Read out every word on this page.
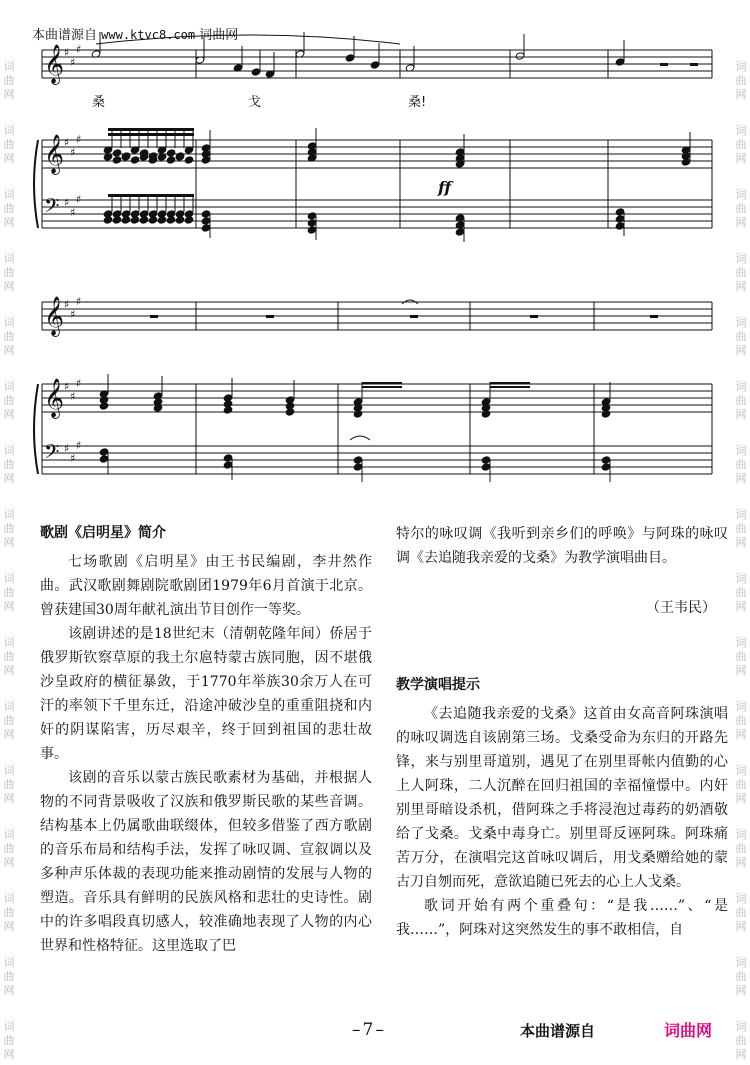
词
曲
网
词
曲
网
词
曲
网
词
曲
网
词
曲
网
词
曲
网
词
曲
网
词
曲
网
词
曲
网
词
曲
网
词
曲
网
词
曲
网
词
曲
网
词
曲
网
词
曲
网
词
曲
网
词
曲
网
词
曲
网
词
曲
网
词
曲
网
词
曲
网
词
曲
网
词
曲
网
词
曲
网
词
曲
网
词
曲
网
词
曲
网
词
曲
网
词
曲
网
词
曲
网
词
曲
网
词
曲
网
本曲谱源自 www.ktvc8.com 词曲网
𝄞 ♯
♯
♯
𝄞 ♯
♯
♯
𝄢 ♯
♯
♯
ff
𝄞 ♯
♯
♯
𝄞 ♯
♯
♯
𝄢 ♯
♯
♯
桑	戈	桑!
歌剧《启明星》简介

七场歌剧《启明星》由王书民编剧，李井然作曲。武汉歌剧舞剧院歌剧团1979年6月首演于北京。曾获建国30周年献礼演出节目创作一等奖。

该剧讲述的是18世纪末（清朝乾隆年间）侨居于俄罗斯钦察草原的我土尔扈特蒙古族同胞，因不堪俄沙皇政府的横征暴敛，于1770年举族30余万人在可汗的率领下千里东迁，沿途冲破沙皇的重重阻挠和内奸的阴谋陷害，历尽艰辛，终于回到祖国的悲壮故事。

该剧的音乐以蒙古族民歌素材为基础，并根据人物的不同背景吸收了汉族和俄罗斯民歌的某些音调。结构基本上仍属歌曲联缀体，但较多借鉴了西方歌剧的音乐布局和结构手法，发挥了咏叹调、宣叙调以及多种声乐体裁的表现功能来推动剧情的发展与人物的塑造。音乐具有鲜明的民族风格和悲壮的史诗性。剧中的许多唱段真切感人，较准确地表现了人物的内心世界和性格特征。这里选取了巴

特尔的咏叹调《我听到亲乡们的呼唤》与阿珠的咏叹调《去追随我亲爱的戈桑》为教学演唱曲目。

（王韦民）
教学演唱提示

《去追随我亲爱的戈桑》这首由女高音阿珠演唱的咏叹调选自该剧第三场。戈桑受命为东归的开路先锋，来与别里哥道别，遇见了在别里哥帐内值勤的心上人阿珠，二人沉醉在回归祖国的幸福憧憬中。内奸别里哥暗设杀机，借阿珠之手将浸泡过毒药的奶酒敬给了戈桑。戈桑中毒身亡。别里哥反诬阿珠。阿珠痛苦万分，在演唱完这首咏叹调后，用戈桑赠给她的蒙古刀自刎而死，意欲追随已死去的心上人戈桑。

歌词开始有两个重叠句：“是我……”、“是我……”，阿珠对这突然发生的事不敢相信，自

–7–	本曲谱源自	词曲网
